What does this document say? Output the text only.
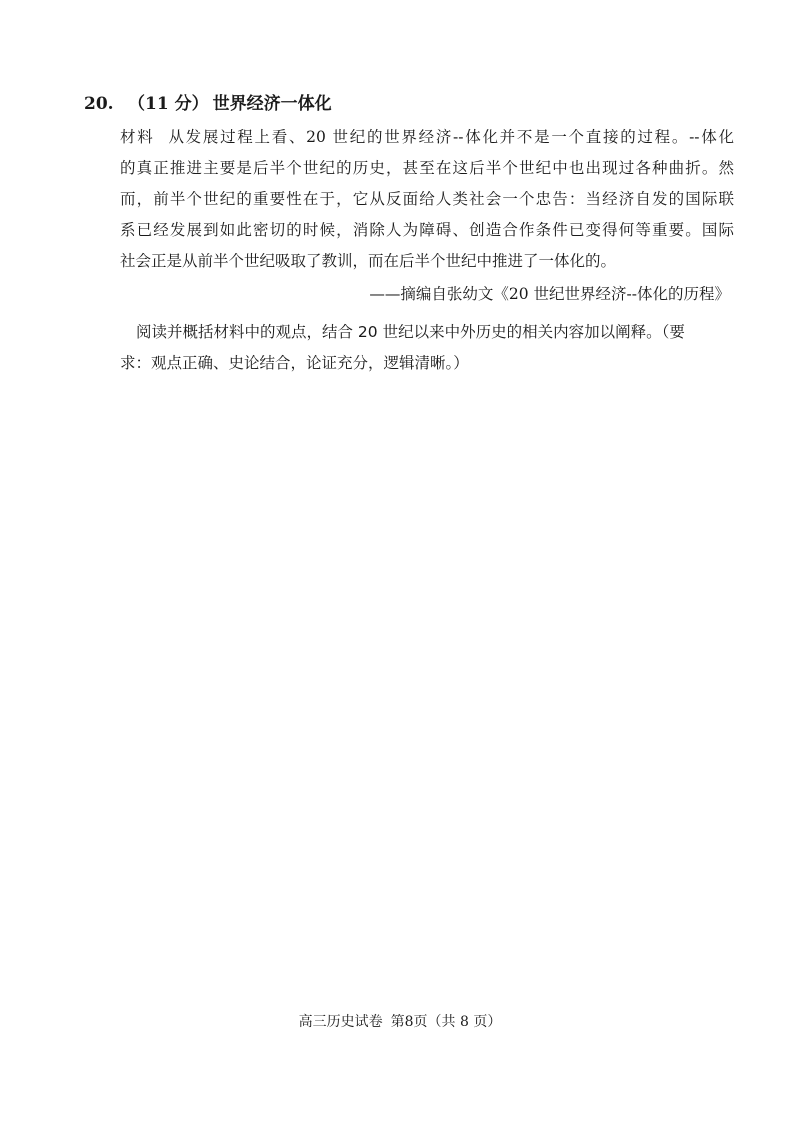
20. （11 分） 世界经济一体化
材料 从发展过程上看、20 世纪的世界经济--体化并不是一个直接的过程。--体化
的真正推进主要是后半个世纪的历史，甚至在这后半个世纪中也出现过各种曲折。然
而，前半个世纪的重要性在于，它从反面给人类社会一个忠告：当经济自发的国际联
系已经发展到如此密切的时候，消除人为障碍、创造合作条件已变得何等重要。国际
社会正是从前半个世纪吸取了教训，而在后半个世纪中推进了一体化的。
——摘编自张幼文《20 世纪世界经济--体化的历程》
阅读并概括材料中的观点，结合 20 世纪以来中外历史的相关内容加以阐释。（要
求：观点正确、史论结合，论证充分，逻辑清晰。）
高三历史试卷 第8页（共 8 页）
